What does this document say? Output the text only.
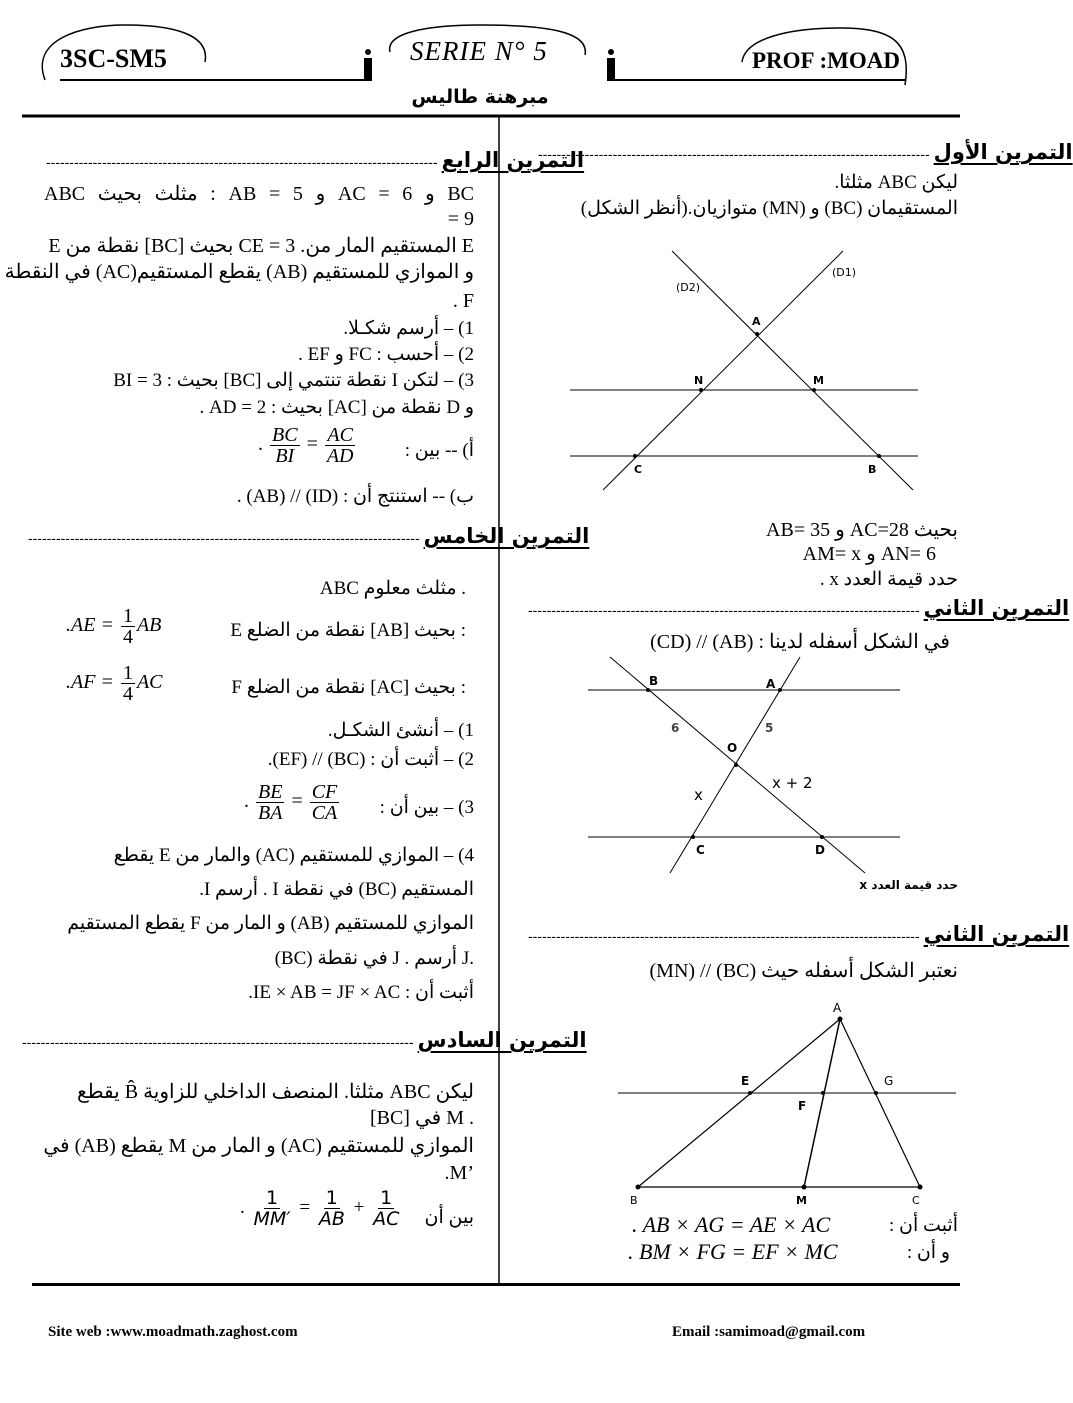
3SC-SM5	SERIE N° 5	PROF :MOAD
مبرهنة طاليس
------------------------------------------------------------------------------------ التمرين الأول
ليكن ABC مثلثا.
المستقيمان (BC) و (MN) متوازيان.(أنظر الشكل)
(D1)
(D2)
A
N	M
C	B
بحيث AC=28 و AB= 35
AM= x و AN= 6
حدد قيمة العدد x .
------------------------------------------------------------------------------------ التمرين الثاني
في الشكل أسفله لدينا : (AB) // (CD)
B	A
6	5
O
x + 2
x
C	D
حدد قيمة العدد x
------------------------------------------------------------------------------------ التمرين الثاني
نعتبر الشكل أسفله حيث (BC) // (MN)
A
E	G
F
B	M	C
أثبت أن :
. AB × AG = AE × AC
و أن :
. BM × FG = EF × MC
------------------------------------------------------------------------------------ التمرين الرابع
ABC مثلث بحيث : AB = 5 و AC = 6 و BC
= 9
E نقطة من [BC] بحيث CE = 3 .المستقيم المار من E
و الموازي للمستقيم (AB) يقطع المستقيم(AC) في النقطة
. F
1) – أرسم شكـلا.
2) – أحسب : FC و EF .
3) – لتكن I نقطة تنتمي إلى [BC] بحيث : BI = 3
و D نقطة من [AC] بحيث : AD = 2 .
أ) -- بين :
. $\frac{BC}{BI} = \frac{AC}{AD}$
ب) -- استنتج أن : (ID) // (AB) .
------------------------------------------------------------------------------------ التمرين الخامس
ABC مثلث معلوم .
E نقطة من الضلع [AB] بحيث :
$.AE = \frac{1}{4}$ AB
F نقطة من الضلع [AC] بحيث :
$.AF = \frac{1}{4}$ AC
1) – أنشئ الشكـل.
2) – أثبت أن : (BC) // (EF).
3) – بين أن :
. $\frac{BE}{BA} = \frac{CF}{CA}$
4) – الموازي للمستقيم (AC) والمار من E يقطع
المستقيم (BC) في نقطة I . أرسم I.
الموازي للمستقيم (AB) و المار من F يقطع المستقيم
(BC) في نقطة J . أرسم J.
أثبت أن : IE × AB = JF × AC.
------------------------------------------------------------------------------------ التمرين السادس
ليكن ABC مثلثا. المنصف الداخلي للزاوية B̂ يقطع
[BC] في M .
الموازي للمستقيم (AC) و المار من M يقطع (AB) في
.M’
بين أن
. $\frac{1}{MM'} = \frac{1}{AB} + \frac{1}{AC}$
Site web :www.moadmath.zaghost.com	Email :samimoad@gmail.com
